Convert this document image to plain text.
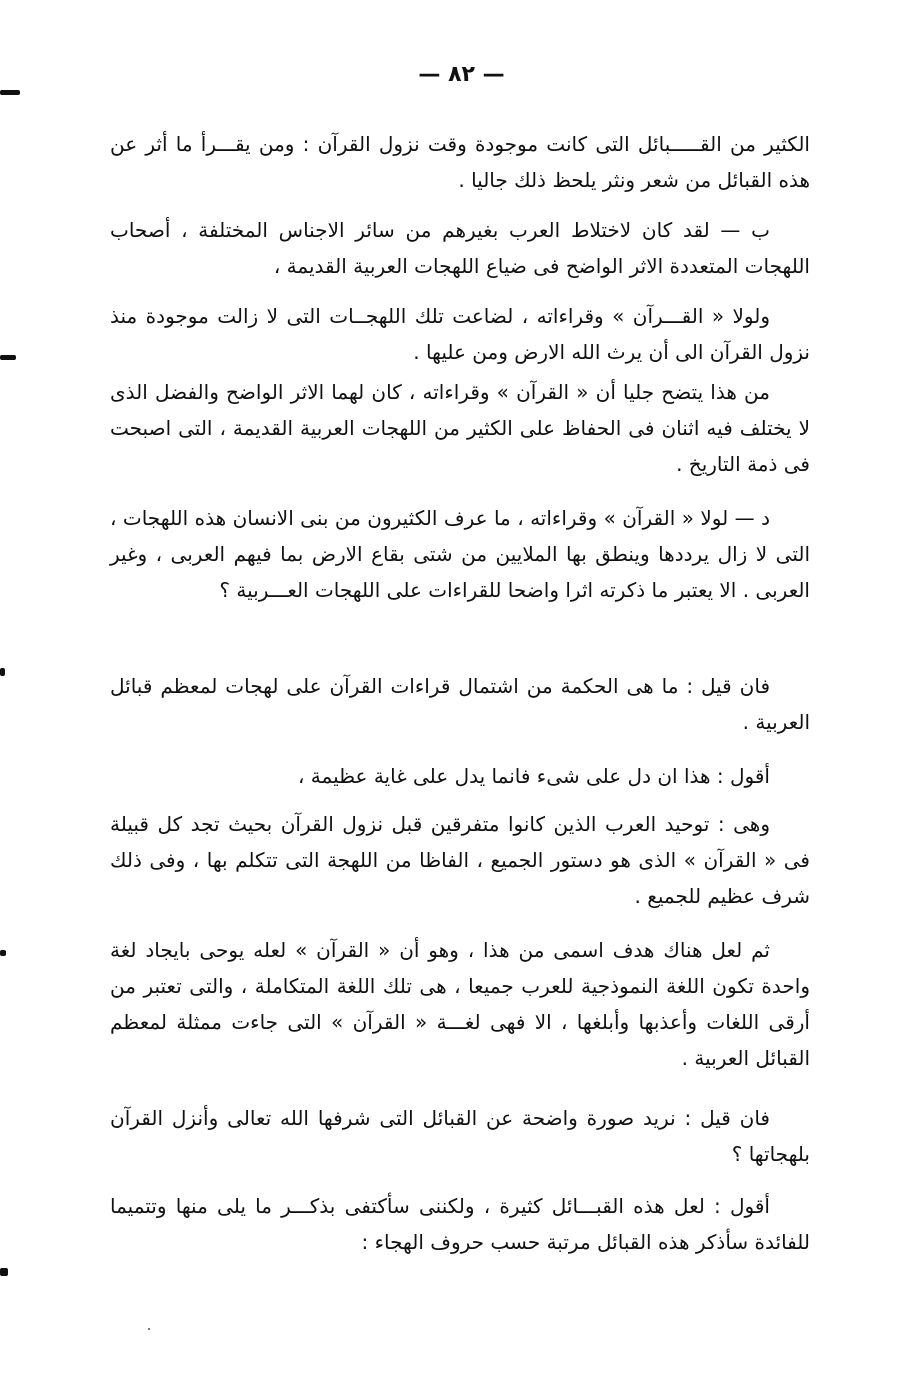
— ٨٢ —

الكثير من القـــــبائل التى كانت موجودة وقت نزول القرآن : ومن يقـــرأ ما أثر عن هذه القبائل من شعر ونثر يلحظ ذلك جاليا .

ب — لقد كان لاختلاط العرب بغيرهم من سائر الاجناس المختلفة ، أصحاب اللهجات المتعددة الاثر الواضح فى ضياع اللهجات العربية القديمة ،

ولولا « القـــرآن » وقراءاته ، لضاعت تلك اللهجــات التى لا زالت موجودة منذ نزول القرآن الى أن يرث الله الارض ومن عليها .

من هذا يتضح جليا أن « القرآن » وقراءاته ، كان لهما الاثر الواضح والفضل الذى لا يختلف فيه اثنان فى الحفاظ على الكثير من اللهجات العربية القديمة ، التى اصبحت فى ذمة التاريخ .

د — لولا « القرآن » وقراءاته ، ما عرف الكثيرون من بنى الانسان هذه اللهجات ، التى لا زال يرددها وينطق بها الملايين من شتى بقاع الارض بما فيهم العربى ، وغير العربى . الا يعتبر ما ذكرته اثرا واضحا للقراءات على اللهجات العـــربية ؟

فان قيل : ما هى الحكمة من اشتمال قراءات القرآن على لهجات لمعظم قبائل العربية .

أقول : هذا ان دل على شىء فانما يدل على غاية عظيمة ،

وهى : توحيد العرب الذين كانوا متفرقين قبل نزول القرآن بحيث تجد كل قبيلة فى « القرآن » الذى هو دستور الجميع ، الفاظا من اللهجة التى تتكلم بها ، وفى ذلك شرف عظيم للجميع .

ثم لعل هناك هدف اسمى من هذا ، وهو أن « القرآن » لعله يوحى بايجاد لغة واحدة تكون اللغة النموذجية للعرب جميعا ، هى تلك اللغة المتكاملة ، والتى تعتبر من أرقى اللغات وأعذبها وأبلغها ، الا فهى لغـــة « القرآن » التى جاءت ممثلة لمعظم القبائل العربية .

فان قيل : نريد صورة واضحة عن القبائل التى شرفها الله تعالى وأنزل القرآن بلهجاتها ؟

أقول : لعل هذه القبـــائل كثيرة ، ولكننى سأكتفى بذكـــر ما يلى منها وتتميما للفائدة سأذكر هذه القبائل مرتبة حسب حروف الهجاء :
